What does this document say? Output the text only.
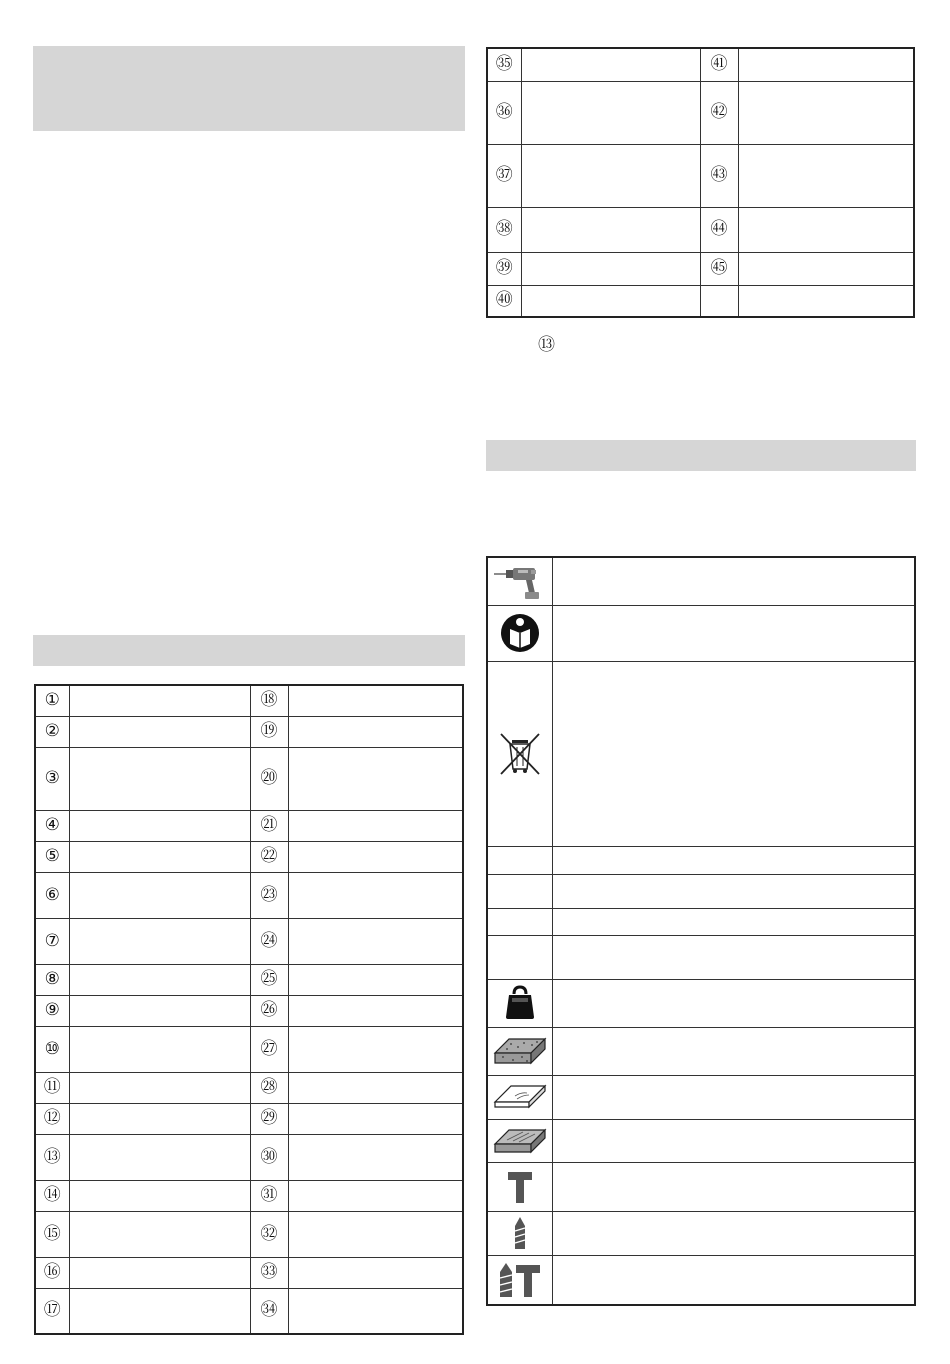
①		⑱	
②		⑲	
③		⑳	
④		㉑	
⑤		㉒	
⑥		㉓	
⑦		㉔	
⑧		㉕	
⑨		㉖	
⑩		㉗	
⑪		㉘	
⑫		㉙	
⑬		㉚	
⑭		㉛	
⑮		㉜	
⑯		㉝	
⑰		㉞	
㉟		㊶	
㊱		㊷	
㊲		㊸	
㊳		㊹	
㊴		㊺	
㊵			
⑬
